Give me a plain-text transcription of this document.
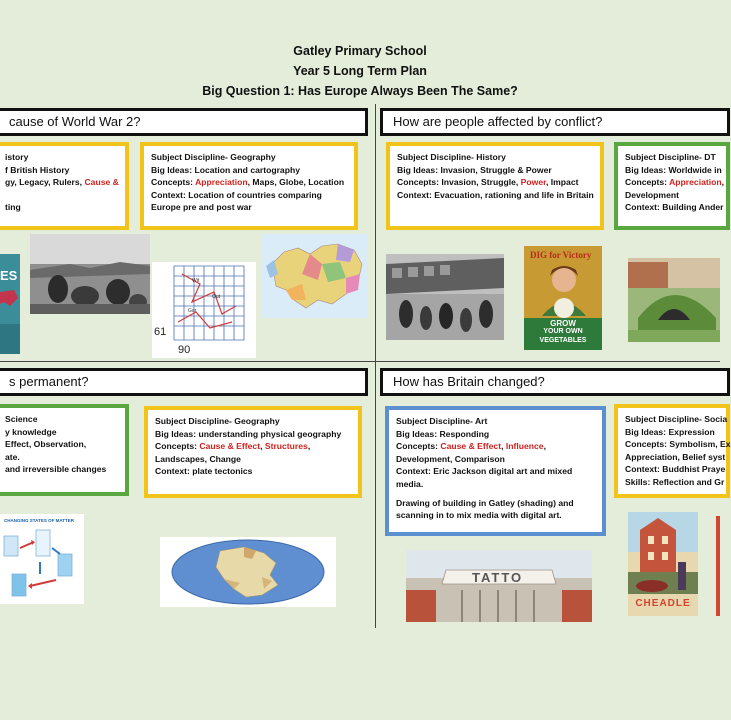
Gatley Primary School
Year 5 Long Term Plan
Big Question 1: Has Europe Always Been The Same?
cause of World War 2?
istory
f British History
gy, Legacy, Rulers, Cause &

ting
Subject Discipline- Geography
Big Ideas: Location and cartography
Concepts: Appreciation, Maps, Globe, Location
Context: Location of countries comparing
Europe pre and post war
ES	Wit
Out
Gar
61
90
How are people affected by conflict?
Subject Discipline- History
Big Ideas: Invasion, Struggle & Power
Concepts: Invasion, Struggle, Power, Impact
Context: Evacuation, rationing and life in Britain
Subject Discipline- DT
Big Ideas: Worldwide in
Concepts: Appreciation,
Development
Context: Building Ander
DIG for Victory
GROW
YOUR OWN
VEGETABLES
s permanent?
Science
y knowledge
Effect, Observation,
ate.
and irreversible changes
Subject Discipline- Geography
Big Ideas: understanding physical geography
Concepts: Cause & Effect, Structures,
Landscapes, Change
Context: plate tectonics
CHANGING STATES OF MATTER
How has Britain changed?
Subject Discipline- Art
Big Ideas: Responding
Concepts: Cause & Effect, Influence,
Development, Comparison
Context: Eric Jackson digital art and mixed
media.
Drawing of building in Gatley (shading) and
scanning in to mix media with digital art.
Subject Discipline- Socia
Big Ideas: Expression
Concepts: Symbolism, Ex
Appreciation, Belief syst
Context: Buddhist Praye
Skills: Reflection and Gr
TATTO
CHEADLE
